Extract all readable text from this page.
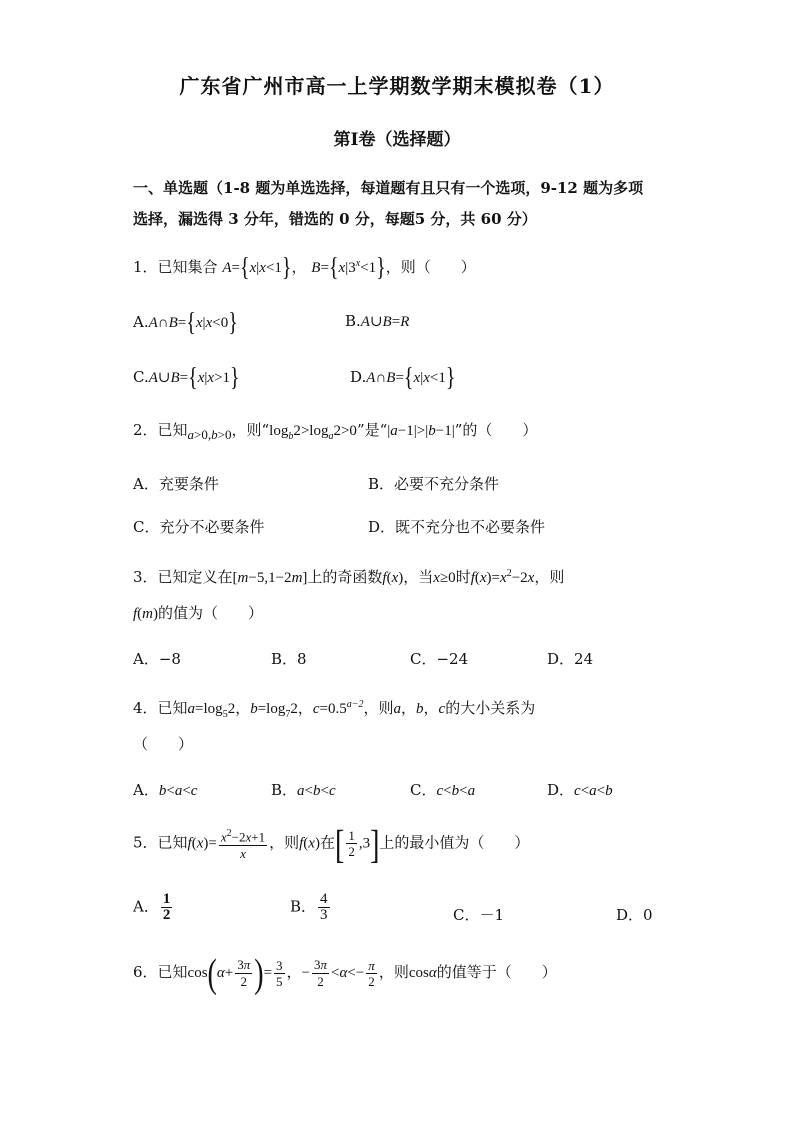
广东省广州市高一上学期数学期末模拟卷（1）
第I卷（选择题）
一、单选题（1-8 题为单选选择，每道题有且只有一个选项，9-12 题为多项
选择，漏选得 3 分年，错选的 0 分，每题5 分，共 60 分）
1．已知集合 A={x|x<1}， $B=\{x|3^x<1\}$，则（　　）
A.A∩B={x|x<0}	B.A∪B=R
C.A∪B={x|x>1}	D.A∩B={x|x<1}
2．已知a>0,b>0，则“$\log_b2>\log_a2>0$”是“|a−1|>|b−1|”的（　　）
A．充要条件	B．必要不充分条件
C．充分不必要条件	D．既不充分也不必要条件
3．已知定义在[m−5,1−2m]上的奇函数f(x)，当x≥0时$f(x)=x^2-2x$，则
f(m)的值为（　　）
A．−8	B．8	C．−24	D．24
4．已知$a=\log_52$，$b=\log_72$，$c=0.5^{a-2}$，则a，b，c的大小关系为
（　　）
A．b<a<c	B．a<b<c	C．c<b<a	D．c<a<b
5．已知$f(x)= \frac{x^2-2x+1}{x}$ ，则f(x)在[ $\frac{1}{2} ,3$]上的最小值为（　　）
A． $\frac{1}{2}$	B． $\frac{4}{3}$	C．－1	D．0
6．已知$\cos(\alpha+ \frac{3\pi}{2}$ )= $\frac{3}{5}$ ，− $\frac{3\pi}{2} <\alpha<- \frac{\pi}{2}$ ，则cosα的值等于（　　）
